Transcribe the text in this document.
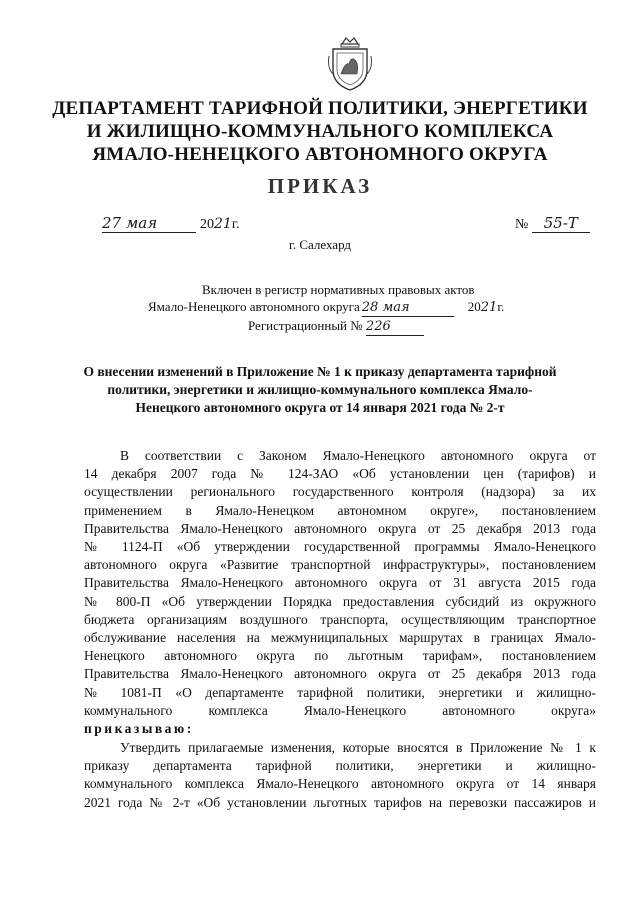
ДЕПАРТАМЕНТ ТАРИФНОЙ ПОЛИТИКИ, ЭНЕРГЕТИКИ
И ЖИЛИЩНО-КОММУНАЛЬНОГО КОМПЛЕКСА
ЯМАЛО-НЕНЕЦКОГО АВТОНОМНОГО ОКРУГА
ПРИКАЗ
27 мая	2021г.	№ 55-Т
г. Салехард
Включен в регистр нормативных правовых актов
Ямало-Ненецкого автономного округа 28 мая	2021г.
Регистрационный № 226
О внесении изменений в Приложение № 1 к приказу департамента тарифной
политики, энергетики и жилищно-коммунального комплекса Ямало-
Ненецкого автономного округа от 14 января 2021 года № 2-т
В соответствии с Законом Ямало-Ненецкого автономного округа от
14 декабря 2007 года № 124-ЗАО «Об установлении цен (тарифов) и
осуществлении регионального государственного контроля (надзора) за их
применением в Ямало-Ненецком автономном округе», постановлением
Правительства Ямало-Ненецкого автономного округа от 25 декабря 2013 года
№ 1124-П «Об утверждении государственной программы Ямало-Ненецкого
автономного округа «Развитие транспортной инфраструктуры», постановлением
Правительства Ямало-Ненецкого автономного округа от 31 августа 2015 года
№ 800-П «Об утверждении Порядка предоставления субсидий из окружного
бюджета организациям воздушного транспорта, осуществляющим транспортное
обслуживание населения на межмуниципальных маршрутах в границах Ямало-
Ненецкого автономного округа по льготным тарифам», постановлением
Правительства Ямало-Ненецкого автономного округа от 25 декабря 2013 года
№ 1081-П «О департаменте тарифной политики, энергетики и жилищно-
коммунального комплекса Ямало-Ненецкого автономного округа»
приказываю:
Утвердить прилагаемые изменения, которые вносятся в Приложение № 1 к
приказу департамента тарифной политики, энергетики и жилищно-
коммунального комплекса Ямало-Ненецкого автономного округа от 14 января
2021 года № 2-т «Об установлении льготных тарифов на перевозки пассажиров и
